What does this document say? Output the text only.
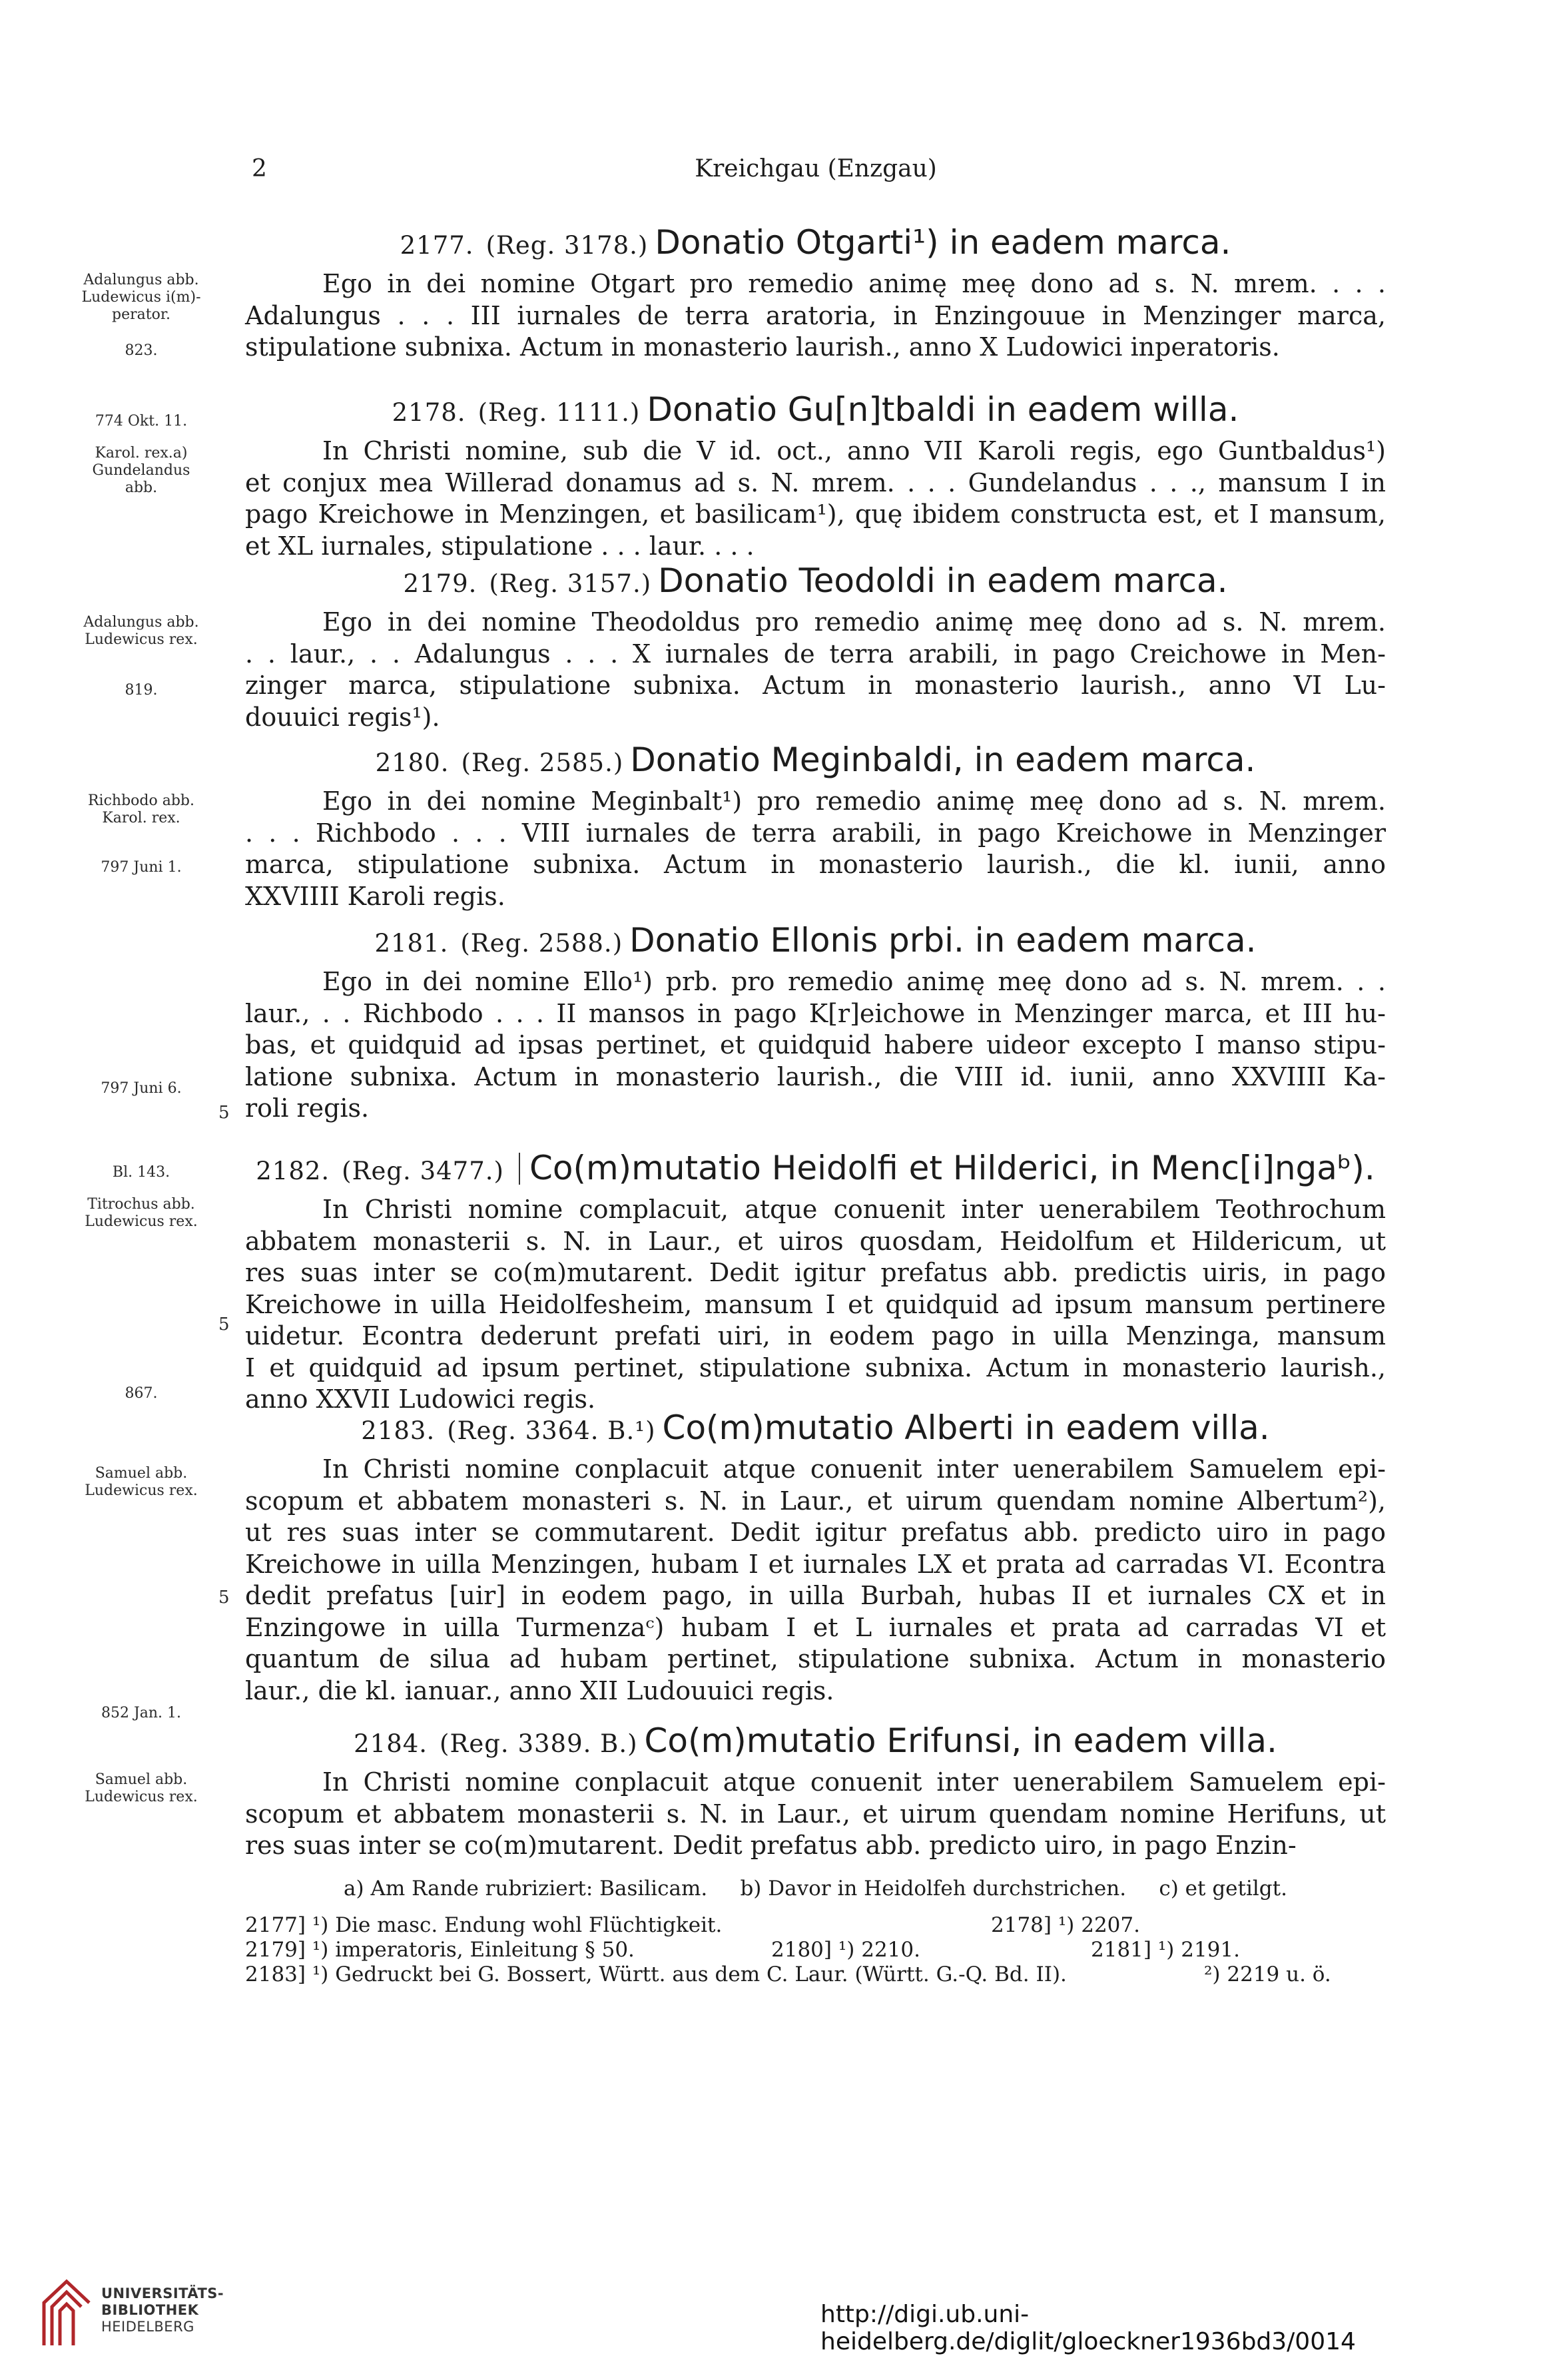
2	Kreichgau (Enzgau)
Adalungus abb.
Ludewicus i(m)-
perator.
823.
774 Okt. 11.
Karol. rex.a)
Gundelandus
abb.
Adalungus abb.
Ludewicus rex.
819.
Richbodo abb.
Karol. rex.
797 Juni 1.
797 Juni 6.
Bl. 143.
Titrochus abb.
Ludewicus rex.
867.
Samuel abb.
Ludewicus rex.
852 Jan. 1.
Samuel abb.
Ludewicus rex.
5
5
5
2177. (Reg. 3178.) Donatio Otgarti¹) in eadem marca.
Ego in dei nomine Otgart pro remedio animę meę dono ad s. N. mrem. . . .
Adalungus . . . III iurnales de terra aratoria, in Enzingouue in Menzinger marca,
stipulatione subnixa. Actum in monasterio laurish., anno X Ludowici inperatoris.
2178. (Reg. 1111.) Donatio Gu[n]tbaldi in eadem willa.
In Christi nomine, sub die V id. oct., anno VII Karoli regis, ego Guntbaldus¹)
et conjux mea Willerad donamus ad s. N. mrem. . . . Gundelandus . . ., mansum I in
pago Kreichowe in Menzingen, et basilicam¹), quę ibidem constructa est, et I mansum,
et XL iurnales, stipulatione . . . laur. . . .
2179. (Reg. 3157.) Donatio Teodoldi in eadem marca.
Ego in dei nomine Theodoldus pro remedio animę meę dono ad s. N. mrem.
. . laur., . . Adalungus . . . X iurnales de terra arabili, in pago Creichowe in Men-
zinger marca, stipulatione subnixa. Actum in monasterio laurish., anno VI Lu-
douuici regis¹).
2180. (Reg. 2585.) Donatio Meginbaldi, in eadem marca.
Ego in dei nomine Meginbalt¹) pro remedio animę meę dono ad s. N. mrem.
. . . Richbodo . . . VIII iurnales de terra arabili, in pago Kreichowe in Menzinger
marca, stipulatione subnixa. Actum in monasterio laurish., die kl. iunii, anno
XXVIIII Karoli regis.
2181. (Reg. 2588.) Donatio Ellonis prbi. in eadem marca.
Ego in dei nomine Ello¹) prb. pro remedio animę meę dono ad s. N. mrem. . .
laur., . . Richbodo . . . II mansos in pago K[r]eichowe in Menzinger marca, et III hu-
bas, et quidquid ad ipsas pertinet, et quidquid habere uideor excepto I manso stipu-
latione subnixa. Actum in monasterio laurish., die VIII id. iunii, anno XXVIIII Ka-
roli regis.
2182. (Reg. 3477.) Co(m)mutatio Heidolfi et Hilderici, in Menc[i]ngaᵇ).
In Christi nomine complacuit, atque conuenit inter uenerabilem Teothrochum
abbatem monasterii s. N. in Laur., et uiros quosdam, Heidolfum et Hildericum, ut
res suas inter se co(m)mutarent. Dedit igitur prefatus abb. predictis uiris, in pago
Kreichowe in uilla Heidolfesheim, mansum I et quidquid ad ipsum mansum pertinere
uidetur. Econtra dederunt prefati uiri, in eodem pago in uilla Menzinga, mansum
I et quidquid ad ipsum pertinet, stipulatione subnixa. Actum in monasterio laurish.,
anno XXVII Ludowici regis.
2183. (Reg. 3364. B.¹) Co(m)mutatio Alberti in eadem villa.
In Christi nomine conplacuit atque conuenit inter uenerabilem Samuelem epi-
scopum et abbatem monasteri s. N. in Laur., et uirum quendam nomine Albertum²),
ut res suas inter se commutarent. Dedit igitur prefatus abb. predicto uiro in pago
Kreichowe in uilla Menzingen, hubam I et iurnales LX et prata ad carradas VI. Econtra
dedit prefatus [uir] in eodem pago, in uilla Burbah, hubas II et iurnales CX et in
Enzingowe in uilla Turmenzaᶜ) hubam I et L iurnales et prata ad carradas VI et
quantum de silua ad hubam pertinet, stipulatione subnixa. Actum in monasterio
laur., die kl. ianuar., anno XII Ludouuici regis.
2184. (Reg. 3389. B.) Co(m)mutatio Erifunsi, in eadem villa.
In Christi nomine conplacuit atque conuenit inter uenerabilem Samuelem epi-
scopum et abbatem monasterii s. N. in Laur., et uirum quendam nomine Herifuns, ut
res suas inter se co(m)mutarent. Dedit prefatus abb. predicto uiro, in pago Enzin-
a) Am Rande rubriziert: Basilicam.     b) Davor in Heidolfeh durchstrichen.     c) et getilgt.
2177] ¹) Die masc. Endung wohl Flüchtigkeit.	2178] ¹) 2207.
2179] ¹) imperatoris, Einleitung § 50.	2180] ¹) 2210.	2181] ¹) 2191.
2183] ¹) Gedruckt bei G. Bossert, Württ. aus dem C. Laur. (Württ. G.-Q. Bd. II).	²) 2219 u. ö.
UNIVERSITÄTS-
BIBLIOTHEK
HEIDELBERG	http://digi.ub.uni-heidelberg.de/diglit/gloeckner1936bd3/0014
